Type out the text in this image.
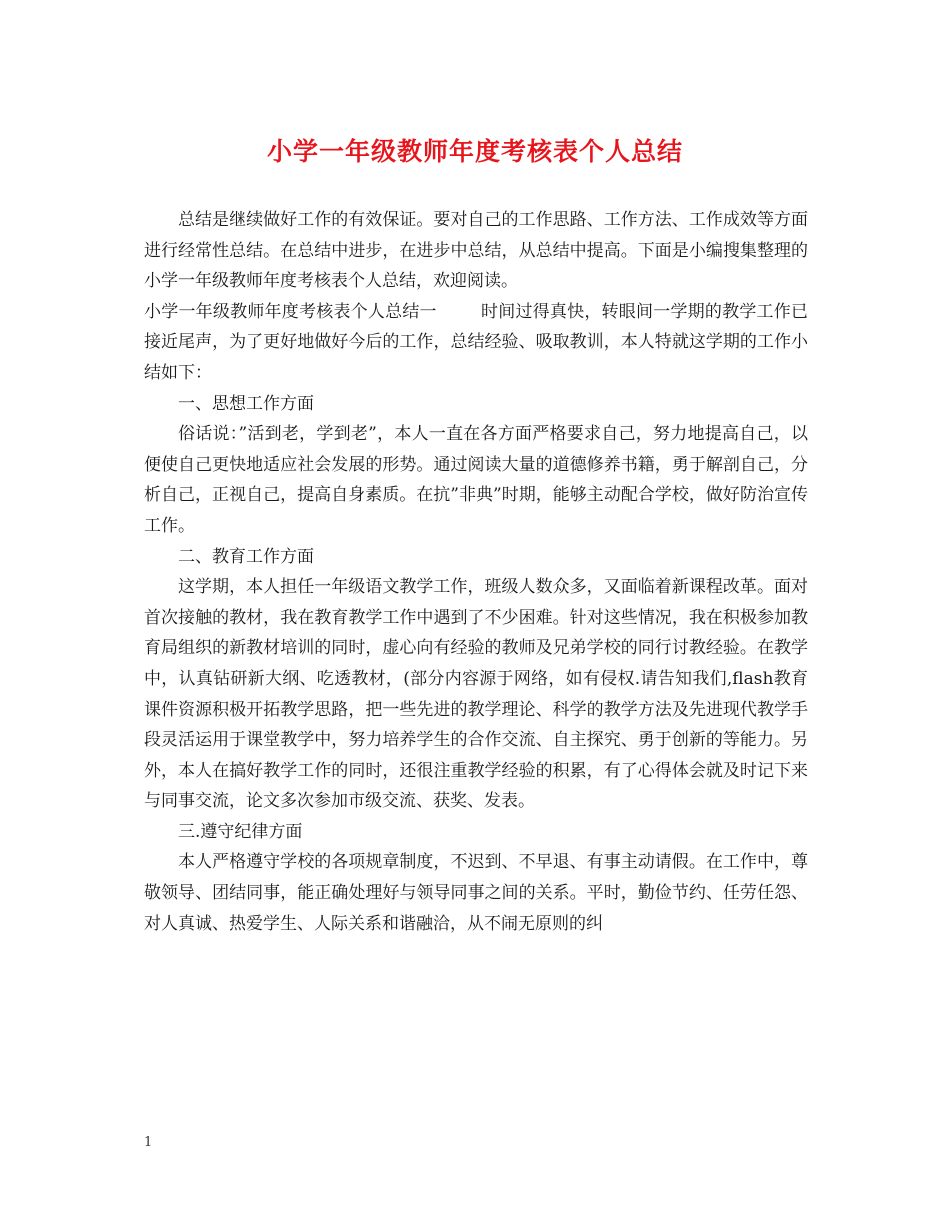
小学一年级教师年度考核表个人总结

总结是继续做好工作的有效保证。要对自己的工作思路、工作方法、工作成效等方面进行经常性总结。在总结中进步，在进步中总结，从总结中提高。下面是小编搜集整理的小学一年级教师年度考核表个人总结，欢迎阅读。

小学一年级教师年度考核表个人总结一	时间过得真快，转眼间一学期的教学工作已接近尾声，为了更好地做好今后的工作，总结经验、吸取教训，本人特就这学期的工作小结如下：

一、思想工作方面

俗话说：”活到老，学到老”，本人一直在各方面严格要求自己，努力地提高自己，以便使自己更快地适应社会发展的形势。通过阅读大量的道德修养书籍，勇于解剖自己，分析自己，正视自己，提高自身素质。在抗”非典”时期，能够主动配合学校，做好防治宣传工作。

二、教育工作方面

这学期，本人担任一年级语文教学工作，班级人数众多，又面临着新课程改革。面对首次接触的教材，我在教育教学工作中遇到了不少困难。针对这些情况，我在积极参加教育局组织的新教材培训的同时，虚心向有经验的教师及兄弟学校的同行讨教经验。在教学中，认真钻研新大纲、吃透教材，(部分内容源于网络，如有侵权.请告知我们,flash教育课件资源积极开拓教学思路，把一些先进的教学理论、科学的教学方法及先进现代教学手段灵活运用于课堂教学中，努力培养学生的合作交流、自主探究、勇于创新的等能力。另外，本人在搞好教学工作的同时，还很注重教学经验的积累，有了心得体会就及时记下来与同事交流，论文多次参加市级交流、获奖、发表。

三.遵守纪律方面

本人严格遵守学校的各项规章制度，不迟到、不早退、有事主动请假。在工作中，尊敬领导、团结同事，能正确处理好与领导同事之间的关系。平时，勤俭节约、任劳任怨、对人真诚、热爱学生、人际关系和谐融洽，从不闹无原则的纠

1
